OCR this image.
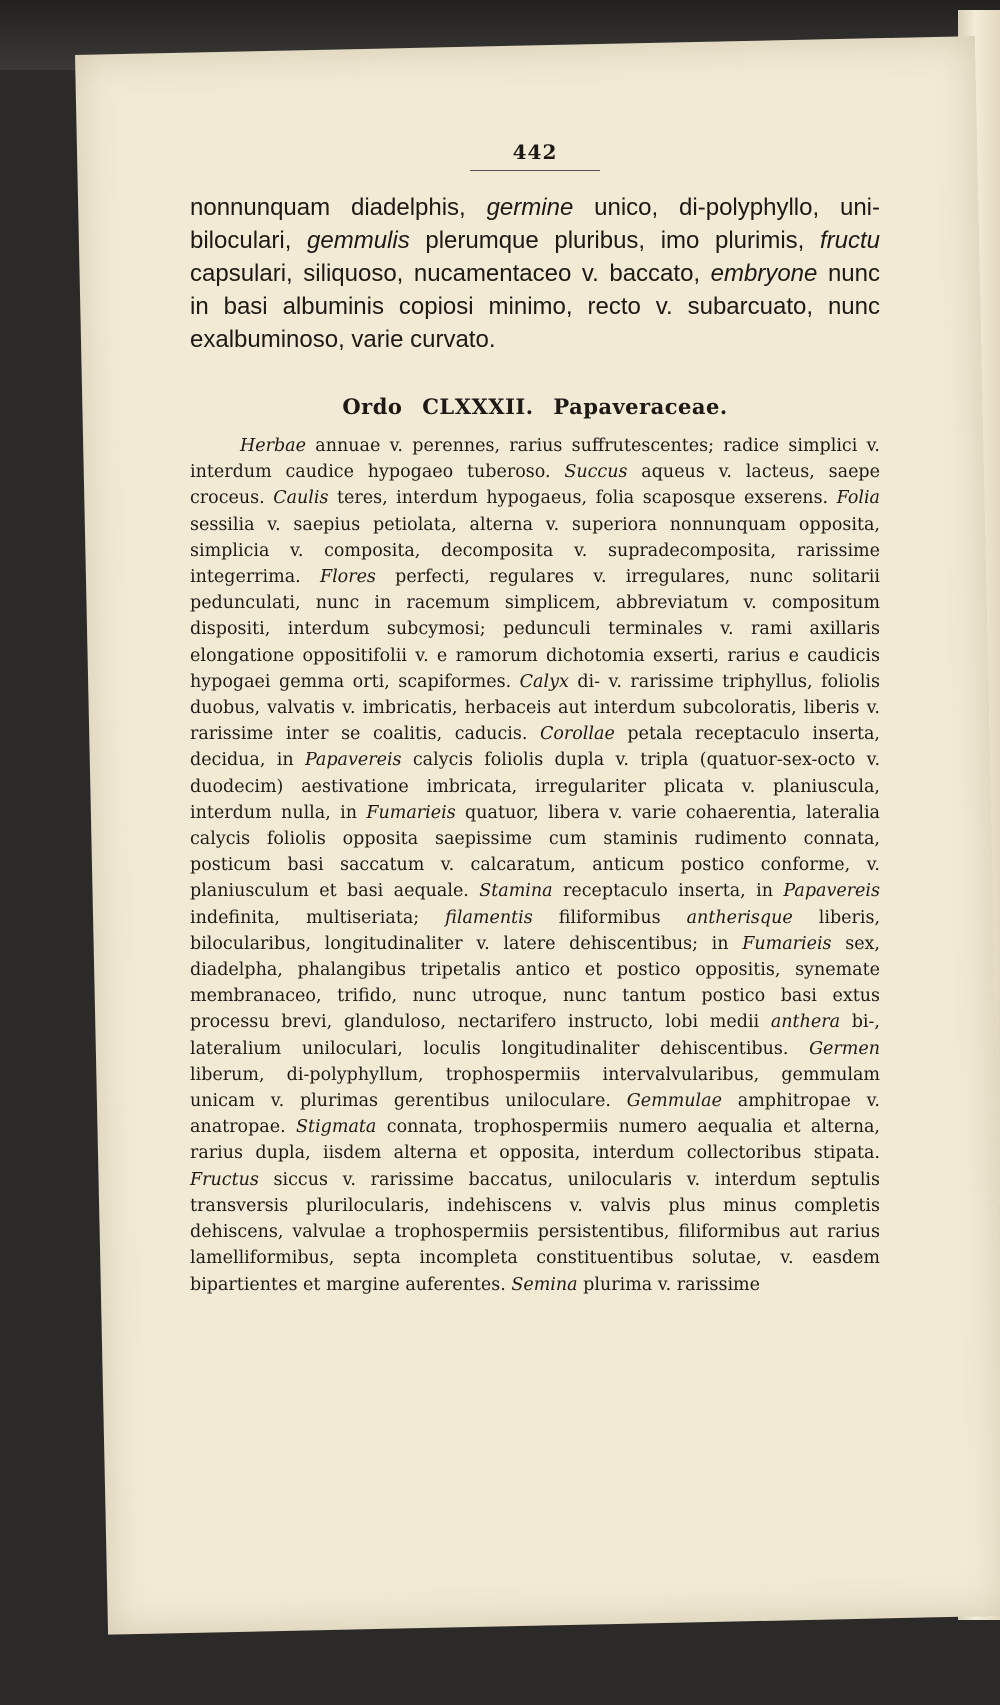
442

nonnunquam diadelphis, germine unico, di-polyphyllo, uni-biloculari, gemmulis plerumque pluribus, imo plurimis, fructu capsulari, siliquoso, nucamentaceo v. baccato, embryone nunc in basi albuminis copiosi minimo, recto v. subarcuato, nunc exalbuminoso, varie curvato.

Ordo CLXXXII. Papaveraceae.

Herbae annuae v. perennes, rarius suffrutescentes; radice simplici v. interdum caudice hypogaeo tuberoso. Succus aqueus v. lacteus, saepe croceus. Caulis teres, interdum hypogaeus, folia scaposque exserens. Folia sessilia v. saepius petiolata, alterna v. superiora nonnunquam opposita, simplicia v. composita, decomposita v. supradecomposita, rarissime integerrima. Flores perfecti, regulares v. irregulares, nunc solitarii pedunculati, nunc in racemum simplicem, abbreviatum v. compositum dispositi, interdum subcymosi; pedunculi terminales v. rami axillaris elongatione oppositifolii v. e ramorum dichotomia exserti, rarius e caudicis hypogaei gemma orti, scapiformes. Calyx di- v. rarissime triphyllus, foliolis duobus, valvatis v. imbricatis, herbaceis aut interdum subcoloratis, liberis v. rarissime inter se coalitis, caducis. Corollae petala receptaculo inserta, decidua, in Papavereis calycis foliolis dupla v. tripla (quatuor-sex-octo v. duodecim) aestivatione imbricata, irregulariter plicata v. planiuscula, interdum nulla, in Fumarieis quatuor, libera v. varie cohaerentia, lateralia calycis foliolis opposita saepissime cum staminis rudimento connata, posticum basi saccatum v. calcaratum, anticum postico conforme, v. planiusculum et basi aequale. Stamina receptaculo inserta, in Papavereis indefinita, multiseriata; filamentis filiformibus antherisque liberis, bilocularibus, longitudinaliter v. latere dehiscentibus; in Fumarieis sex, diadelpha, phalangibus tripetalis antico et postico oppositis, synemate membranaceo, trifido, nunc utroque, nunc tantum postico basi extus processu brevi, glanduloso, nectarifero instructo, lobi medii anthera bi-, lateralium uniloculari, loculis longitudinaliter dehiscentibus. Germen liberum, di-polyphyllum, trophospermiis intervalvularibus, gemmulam unicam v. plurimas gerentibus uniloculare. Gemmulae amphitropae v. anatropae. Stigmata connata, trophospermiis numero aequalia et alterna, rarius dupla, iisdem alterna et opposita, interdum collectoribus stipata. Fructus siccus v. rarissime baccatus, unilocularis v. interdum septulis transversis plurilocularis, indehiscens v. valvis plus minus completis dehiscens, valvulae a trophospermiis persistentibus, filiformibus aut rarius lamelliformibus, septa incompleta constituentibus solutae, v. easdem bipartientes et margine auferentes. Semina plurima v. rarissime
